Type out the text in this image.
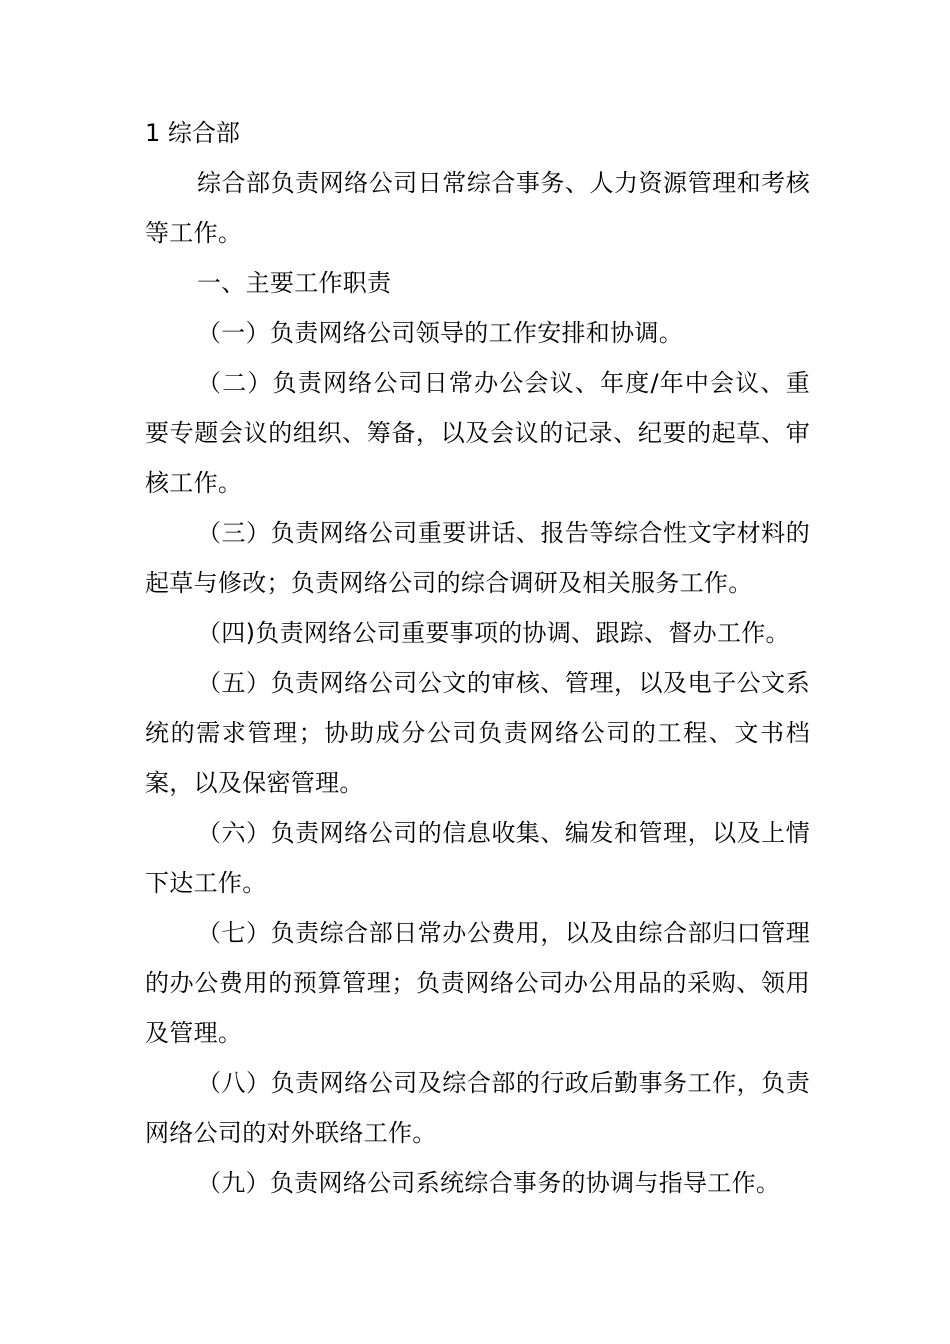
1 综合部

综合部负责网络公司日常综合事务、人力资源管理和考核等工作。

一、主要工作职责

（一）负责网络公司领导的工作安排和协调。

（二）负责网络公司日常办公会议、年度/年中会议、重要专题会议的组织、筹备，以及会议的记录、纪要的起草、审核工作。

（三）负责网络公司重要讲话、报告等综合性文字材料的起草与修改；负责网络公司的综合调研及相关服务工作。

（四)负责网络公司重要事项的协调、跟踪、督办工作。

（五）负责网络公司公文的审核、管理，以及电子公文系统的需求管理；协助成分公司负责网络公司的工程、文书档案，以及保密管理。

（六）负责网络公司的信息收集、编发和管理，以及上情下达工作。

（七）负责综合部日常办公费用，以及由综合部归口管理的办公费用的预算管理；负责网络公司办公用品的采购、领用及管理。

（八）负责网络公司及综合部的行政后勤事务工作，负责网络公司的对外联络工作。

（九）负责网络公司系统综合事务的协调与指导工作。
